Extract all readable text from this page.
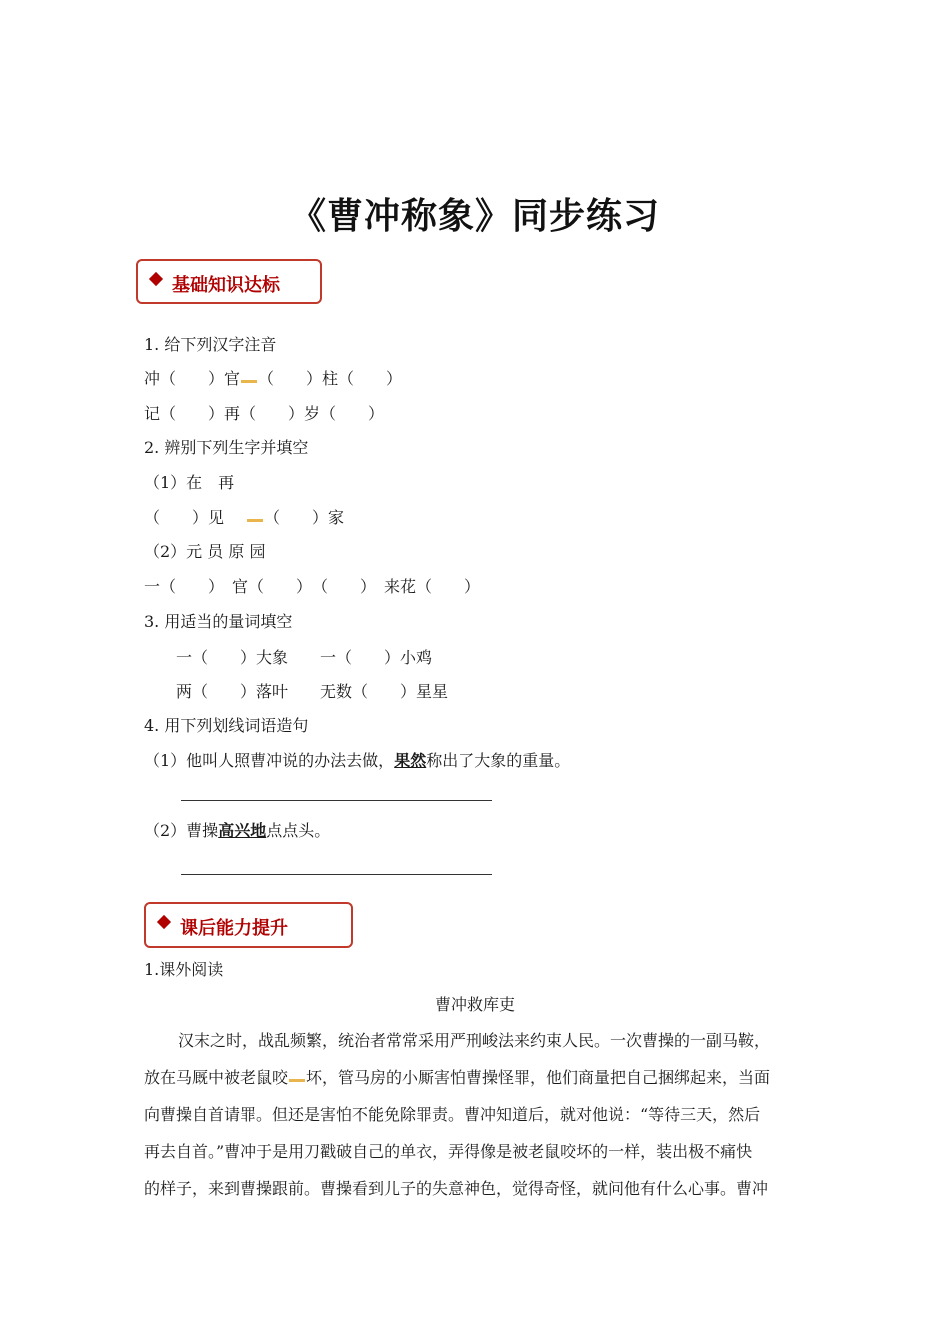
《曹冲称象》同步练习
基础知识达标
1. 给下列汉字注音
冲（　　）官 （　　）柱（　　）
记（　　）再（　　）岁（　　）
2. 辨别下列生字并填空
（1）在　再
（　　）见	（　　）家
（2）元 员 原 园
一（　　）　官（　　）　（　　）　来花（　　）
3. 用适当的量词填空
一（　　）大象　　一（　　）小鸡
两（　　）落叶　　无数（　　）星星
4. 用下列划线词语造句
（1）他叫人照曹冲说的办法去做，果然称出了大象的重量。
（2）曹操高兴地点点头。
课后能力提升
1.课外阅读
曹冲救库吏
汉末之时，战乱频繁，统治者常常采用严刑峻法来约束人民。一次曹操的一副马鞍，
放在马厩中被老鼠咬 坏，管马房的小厮害怕曹操怪罪，他们商量把自己捆绑起来，当面
向曹操自首请罪。但还是害怕不能免除罪责。曹冲知道后，就对他说：“等待三天，然后
再去自首。”曹冲于是用刀戳破自己的单衣，弄得像是被老鼠咬坏的一样，装出极不痛快
的样子，来到曹操跟前。曹操看到儿子的失意神色，觉得奇怪，就问他有什么心事。曹冲
